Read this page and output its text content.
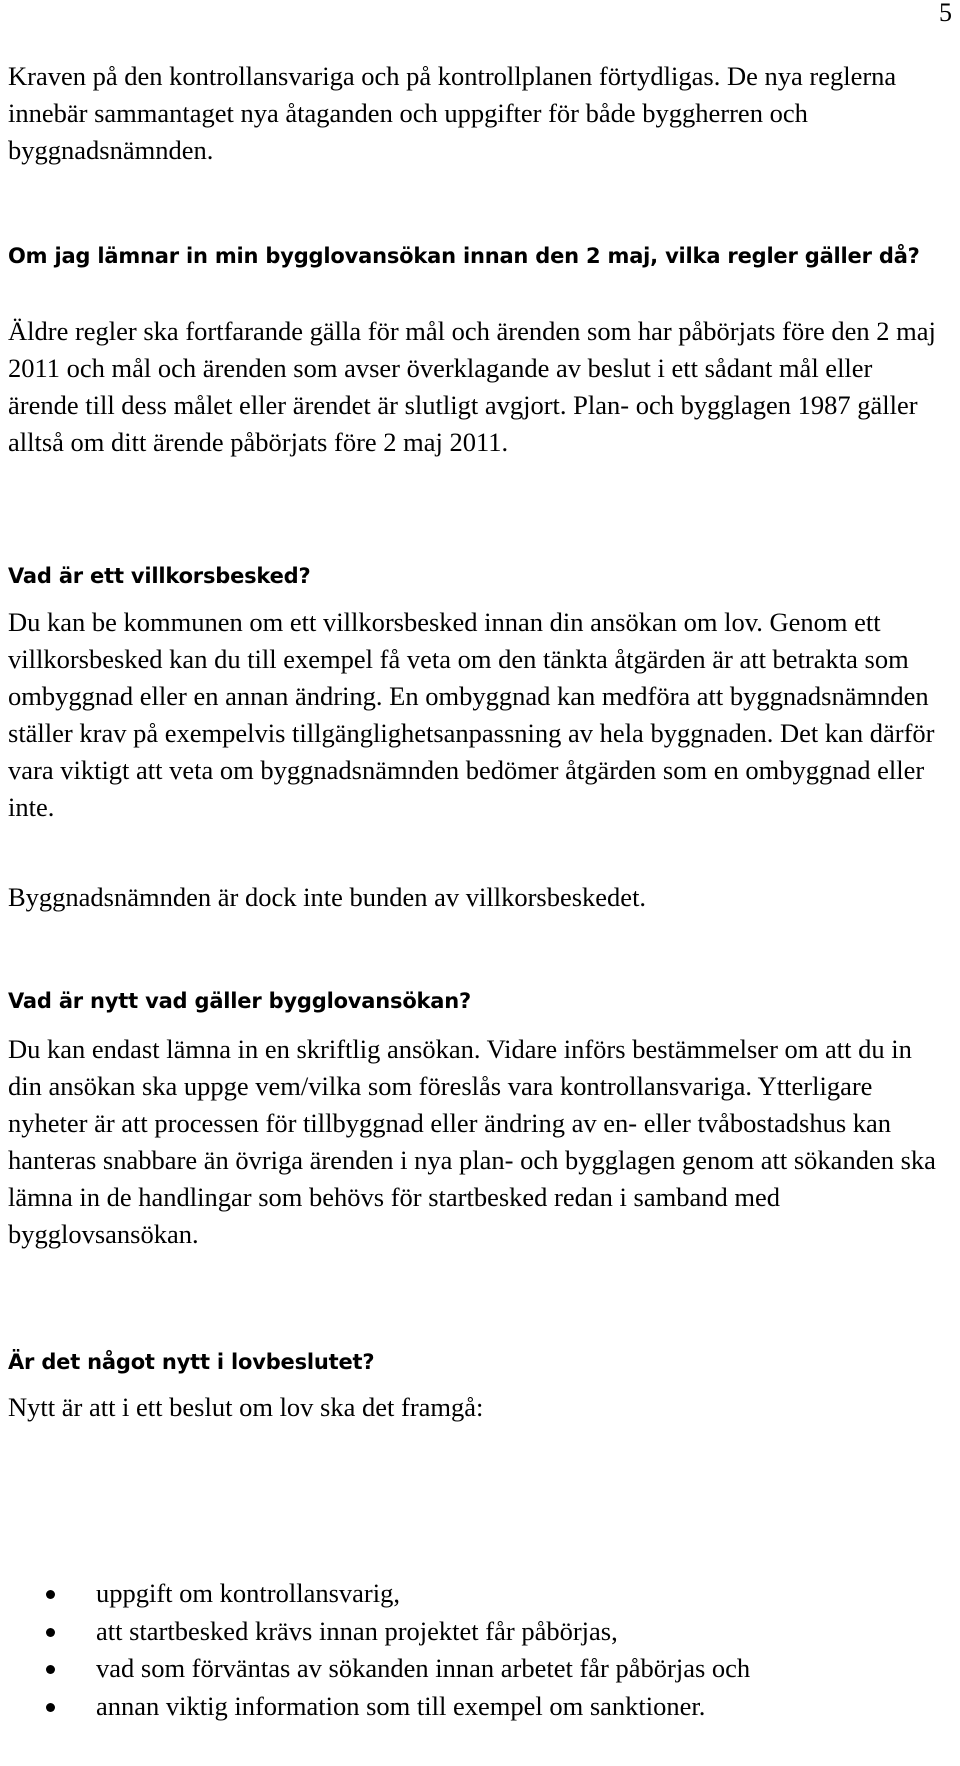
5

Kraven på den kontrollansvariga och på kontrollplanen förtydligas. De nya reglerna innebär sammantaget nya åtaganden och uppgifter för både byggherren och byggnadsnämnden.

Om jag lämnar in min bygglovansökan innan den 2 maj, vilka regler gäller då?

Äldre regler ska fortfarande gälla för mål och ärenden som har påbörjats före den 2 maj 2011 och mål och ärenden som avser överklagande av beslut i ett sådant mål eller ärende till dess målet eller ärendet är slutligt avgjort. Plan- och bygglagen 1987 gäller alltså om ditt ärende påbörjats före 2 maj 2011.

Vad är ett villkorsbesked?

Du kan be kommunen om ett villkorsbesked innan din ansökan om lov. Genom ett villkorsbesked kan du till exempel få veta om den tänkta åtgärden är att betrakta som ombyggnad eller en annan ändring. En ombyggnad kan medföra att byggnadsnämnden ställer krav på exempelvis tillgänglighetsanpassning av hela byggnaden. Det kan därför vara viktigt att veta om byggnadsnämnden bedömer åtgärden som en ombyggnad eller inte.

Byggnadsnämnden är dock inte bunden av villkorsbeskedet.

Vad är nytt vad gäller bygglovansökan?

Du kan endast lämna in en skriftlig ansökan. Vidare införs bestämmelser om att du in din ansökan ska uppge vem/vilka som föreslås vara kontrollansvariga. Ytterligare nyheter är att processen för tillbyggnad eller ändring av en- eller tvåbostadshus kan hanteras snabbare än övriga ärenden i nya plan- och bygglagen genom att sökanden ska lämna in de handlingar som behövs för startbesked redan i samband med bygglovsansökan.

Är det något nytt i lovbeslutet?

Nytt är att i ett beslut om lov ska det framgå:

uppgift om kontrollansvarig,
att startbesked krävs innan projektet får påbörjas,
vad som förväntas av sökanden innan arbetet får påbörjas och
annan viktig information som till exempel om sanktioner.
